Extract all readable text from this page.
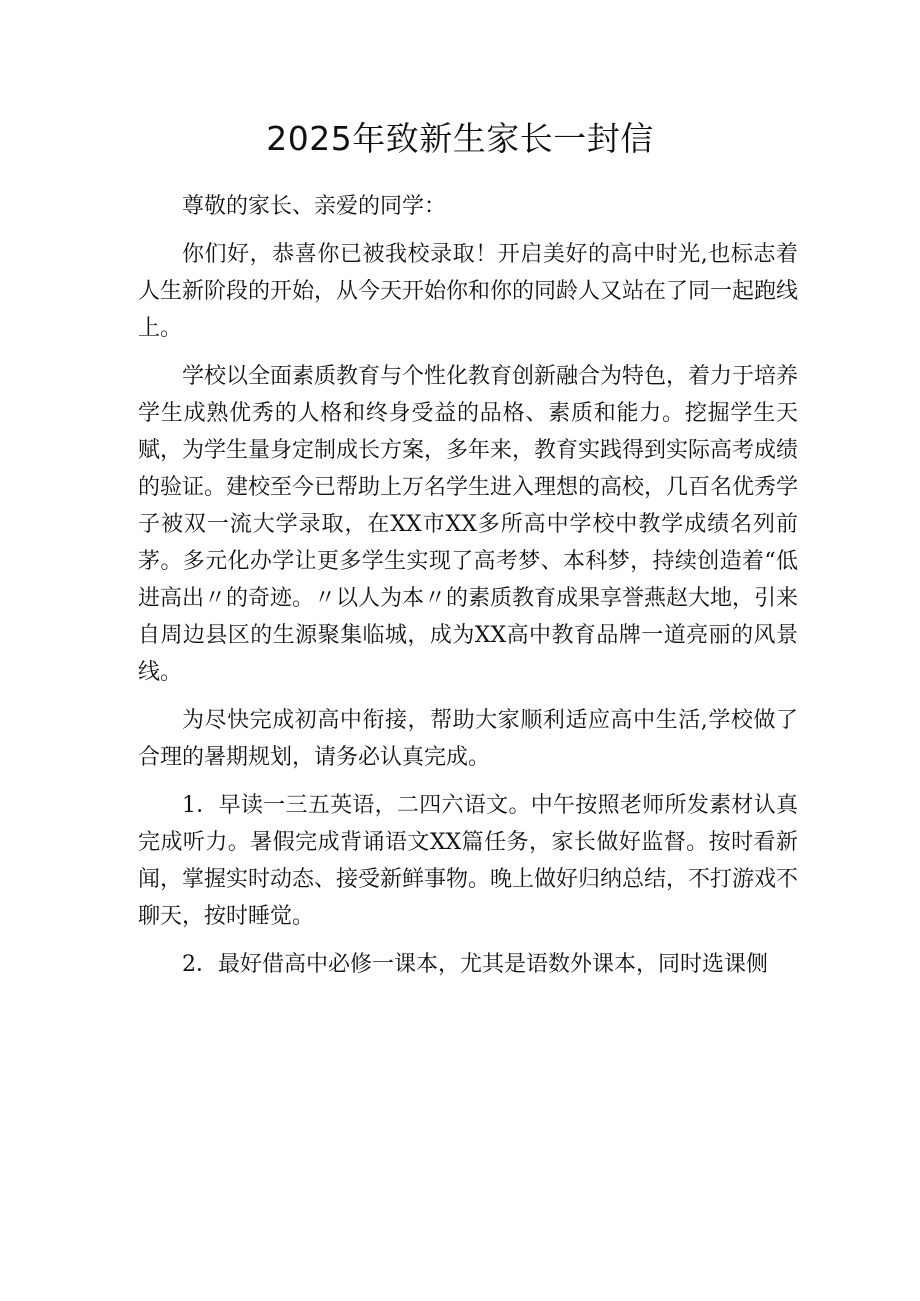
2025年致新生家长一封信

尊敬的家长、亲爱的同学：

你们好，恭喜你已被我校录取！开启美好的高中时光,也标志着人生新阶段的开始，从今天开始你和你的同龄人又站在了同一起跑线上。

学校以全面素质教育与个性化教育创新融合为特色，着力于培养学生成熟优秀的人格和终身受益的品格、素质和能力。挖掘学生天赋，为学生量身定制成长方案，多年来，教育实践得到实际高考成绩的验证。建校至今已帮助上万名学生进入理想的高校，几百名优秀学子被双一流大学录取，在XX市XX多所高中学校中教学成绩名列前茅。多元化办学让更多学生实现了高考梦、本科梦，持续创造着“低进高出〃的奇迹。〃以人为本〃的素质教育成果享誉燕赵大地，引来自周边县区的生源聚集临城，成为XX高中教育品牌一道亮丽的风景线。

为尽快完成初高中衔接，帮助大家顺利适应高中生活,学校做了合理的暑期规划，请务必认真完成。

1．早读一三五英语，二四六语文。中午按照老师所发素材认真完成听力。暑假完成背诵语文XX篇任务，家长做好监督。按时看新闻，掌握实时动态、接受新鲜事物。晚上做好归纳总结，不打游戏不聊天，按时睡觉。

2．最好借高中必修一课本，尤其是语数外课本，同时选课侧
